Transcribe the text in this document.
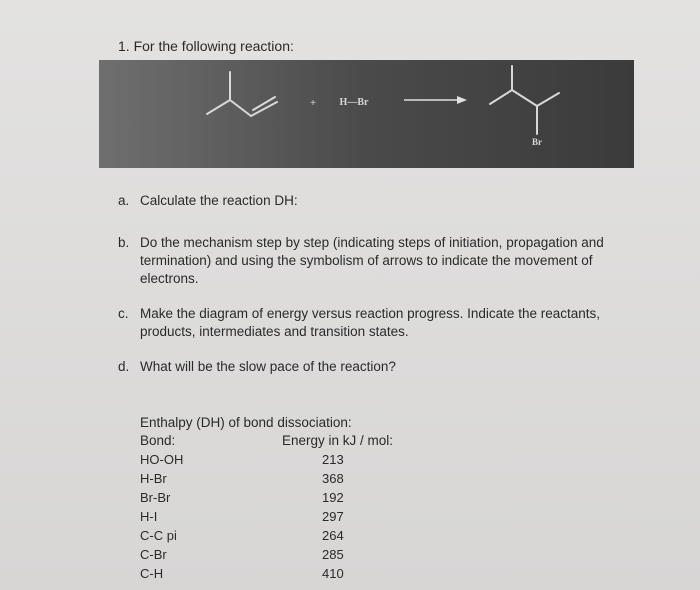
1. For the following reaction:
+ H—Br
Br
a. Calculate the reaction DH:
b. Do the mechanism step by step (indicating steps of initiation, propagation and
termination) and using the symbolism of arrows to indicate the movement of
electrons.
c. Make the diagram of energy versus reaction progress. Indicate the reactants,
products, intermediates and transition states.
d. What will be the slow pace of the reaction?
Enthalpy (DH) of bond dissociation:
Bond:	Energy in kJ / mol:
HO-OH	213
H-Br	368
Br-Br	192
H-I	297
C-C pi	264
C-Br	285
C-H	410
